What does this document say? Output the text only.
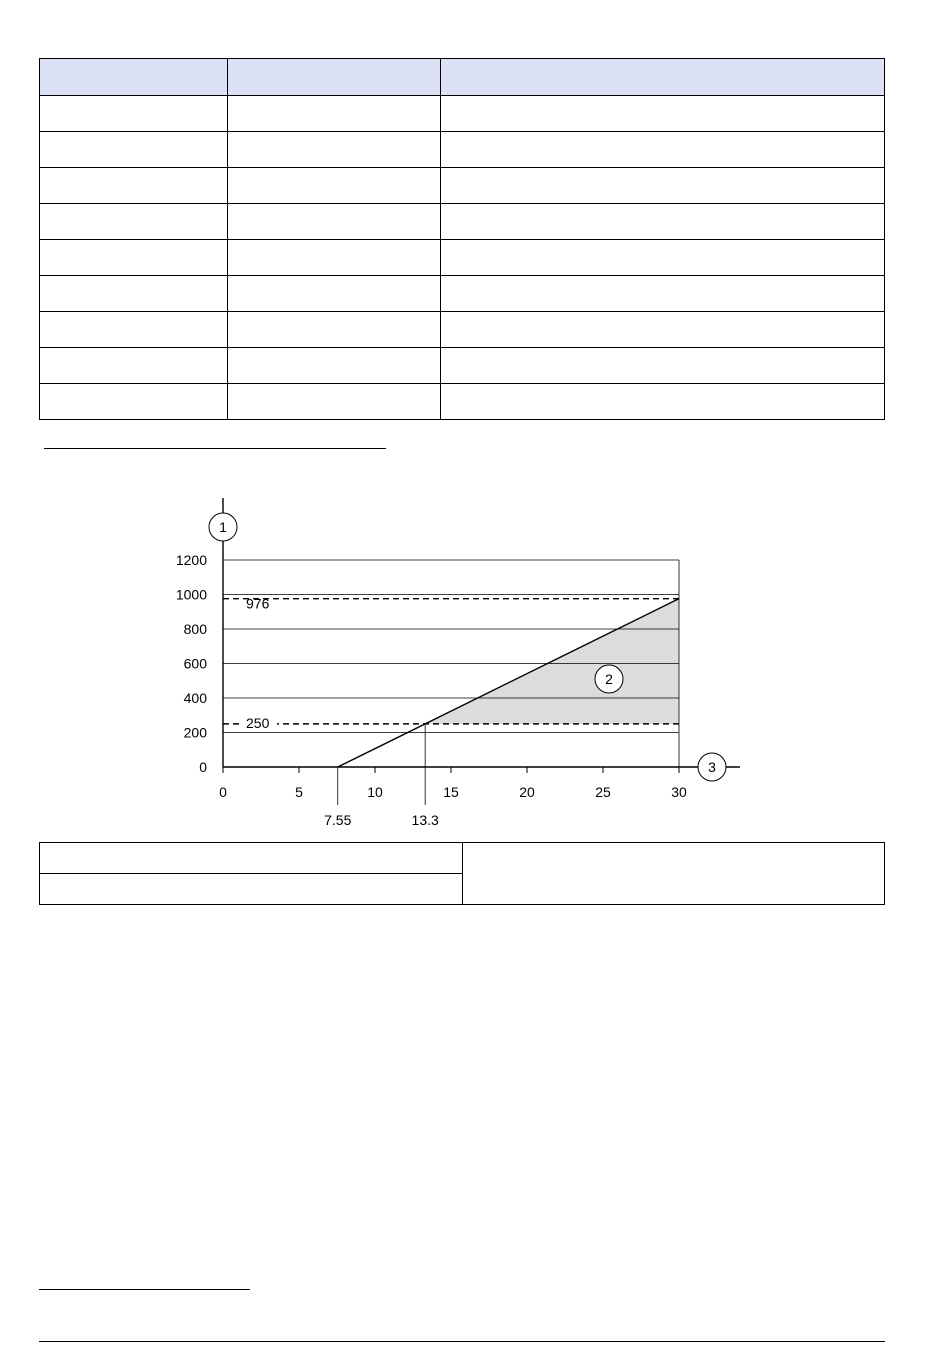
0
200
400
600
800
1000
1200
0	5	10	15	20	25	30
976
250
13.3
7.55
1
3
2
